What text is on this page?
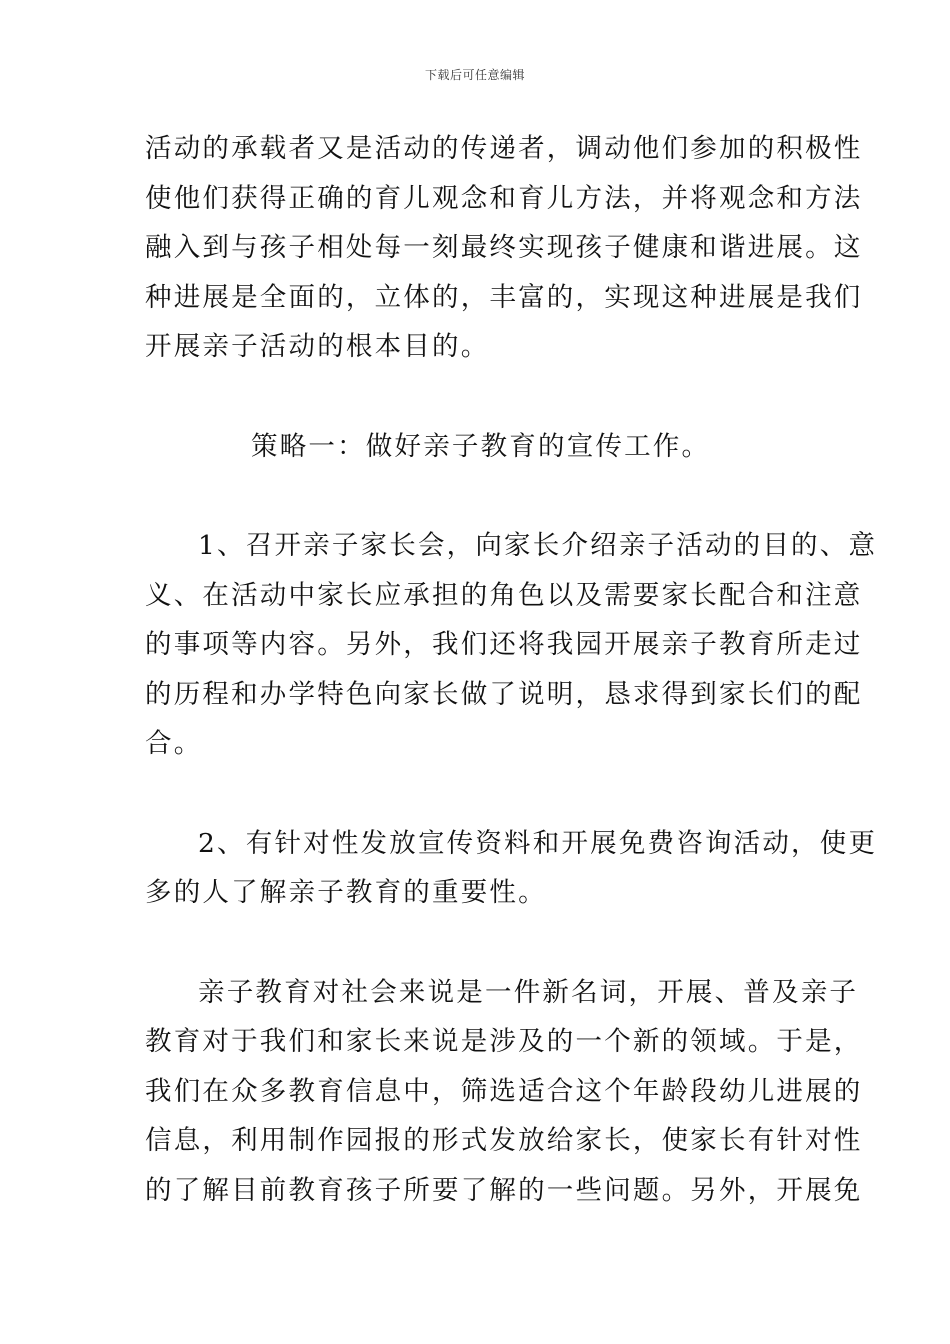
下载后可任意编辑
活动的承载者又是活动的传递者，调动他们参加的积极性
使他们获得正确的育儿观念和育儿方法，并将观念和方法
融入到与孩子相处每一刻最终实现孩子健康和谐进展。这
种进展是全面的，立体的，丰富的，实现这种进展是我们
开展亲子活动的根本目的。
策略一：做好亲子教育的宣传工作。
1、召开亲子家长会，向家长介绍亲子活动的目的、意
义、在活动中家长应承担的角色以及需要家长配合和注意
的事项等内容。另外，我们还将我园开展亲子教育所走过
的历程和办学特色向家长做了说明，恳求得到家长们的配
合。
2、有针对性发放宣传资料和开展免费咨询活动，使更
多的人了解亲子教育的重要性。
亲子教育对社会来说是一件新名词，开展、普及亲子
教育对于我们和家长来说是涉及的一个新的领域。于是，
我们在众多教育信息中，筛选适合这个年龄段幼儿进展的
信息，利用制作园报的形式发放给家长，使家长有针对性
的了解目前教育孩子所要了解的一些问题。另外，开展免
